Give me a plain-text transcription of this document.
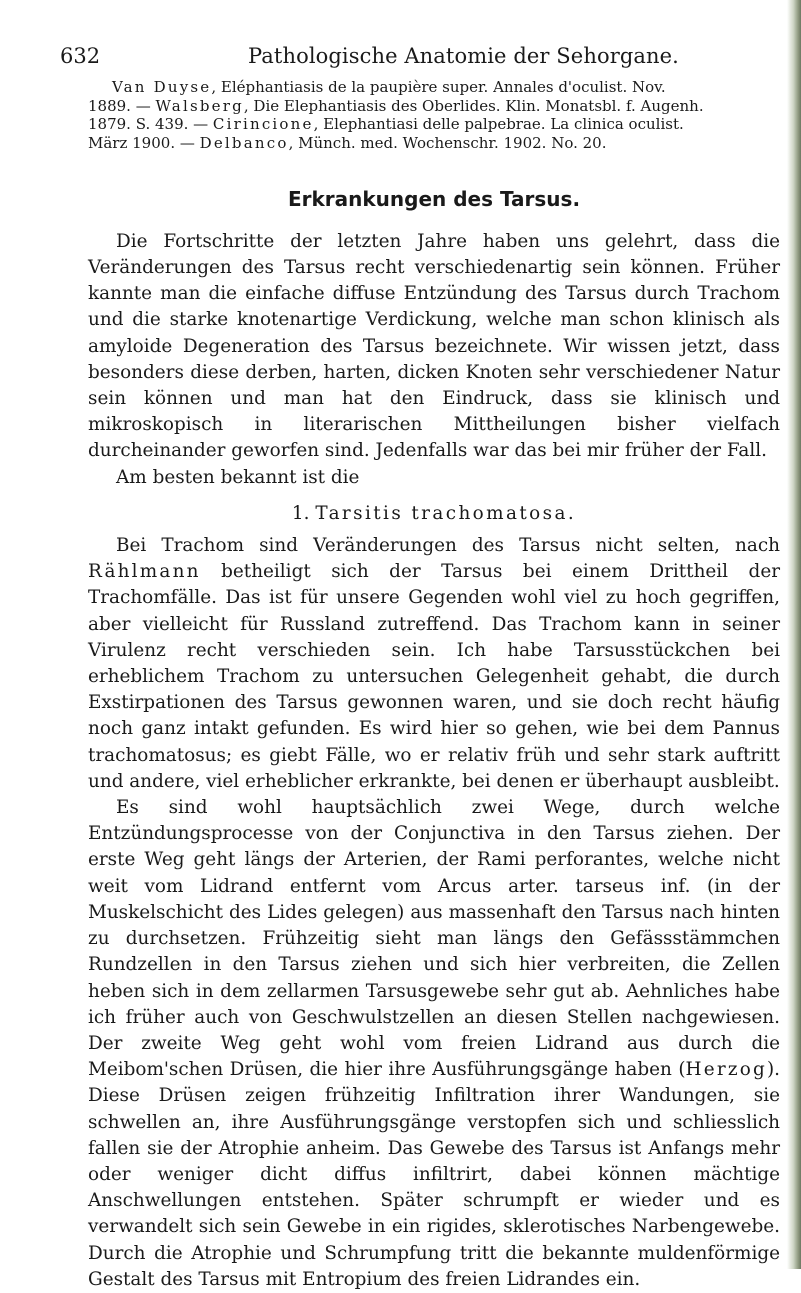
632	Pathologische Anatomie der Sehorgane.
Van Duyse, Eléphantiasis de la paupière super. Annales d'oculist. Nov.
1889. — Walsberg, Die Elephantiasis des Oberlides. Klin. Monatsbl. f. Augenh.
1879. S. 439. — Cirincione, Elephantiasi delle palpebrae. La clinica oculist.
März 1900. — Delbanco, Münch. med. Wochenschr. 1902. No. 20.
Erkrankungen des Tarsus.

Die Fortschritte der letzten Jahre haben uns gelehrt, dass die Veränderungen des Tarsus recht verschiedenartig sein können. Früher kannte man die einfache diffuse Entzündung des Tarsus durch Trachom und die starke knotenartige Verdickung, welche man schon klinisch als amyloide Degeneration des Tarsus bezeichnete. Wir wissen jetzt, dass besonders diese derben, harten, dicken Knoten sehr verschiedener Natur sein können und man hat den Eindruck, dass sie klinisch und mikroskopisch in literarischen Mittheilungen bisher vielfach durcheinander geworfen sind. Jedenfalls war das bei mir früher der Fall.

Am besten bekannt ist die

1. Tarsitis trachomatosa.

Bei Trachom sind Veränderungen des Tarsus nicht selten, nach Rählmann betheiligt sich der Tarsus bei einem Drittheil der Trachomfälle. Das ist für unsere Gegenden wohl viel zu hoch gegriffen, aber vielleicht für Russland zutreffend. Das Trachom kann in seiner Virulenz recht verschieden sein. Ich habe Tarsusstückchen bei erheblichem Trachom zu untersuchen Gelegenheit gehabt, die durch Exstirpationen des Tarsus gewonnen waren, und sie doch recht häufig noch ganz intakt gefunden. Es wird hier so gehen, wie bei dem Pannus trachomatosus; es giebt Fälle, wo er relativ früh und sehr stark auftritt und andere, viel erheblicher erkrankte, bei denen er überhaupt ausbleibt.

Es sind wohl hauptsächlich zwei Wege, durch welche Entzündungsprocesse von der Conjunctiva in den Tarsus ziehen. Der erste Weg geht längs der Arterien, der Rami perforantes, welche nicht weit vom Lidrand entfernt vom Arcus arter. tarseus inf. (in der Muskelschicht des Lides gelegen) aus massenhaft den Tarsus nach hinten zu durchsetzen. Frühzeitig sieht man längs den Gefässstämmchen Rundzellen in den Tarsus ziehen und sich hier verbreiten, die Zellen heben sich in dem zellarmen Tarsusgewebe sehr gut ab. Aehnliches habe ich früher auch von Geschwulstzellen an diesen Stellen nachgewiesen. Der zweite Weg geht wohl vom freien Lidrand aus durch die Meibom'schen Drüsen, die hier ihre Ausführungsgänge haben (Herzog). Diese Drüsen zeigen frühzeitig Infiltration ihrer Wandungen, sie schwellen an, ihre Ausführungsgänge verstopfen sich und schliesslich fallen sie der Atrophie anheim. Das Gewebe des Tarsus ist Anfangs mehr oder weniger dicht diffus infiltrirt, dabei können mächtige Anschwellungen entstehen. Später schrumpft er wieder und es verwandelt sich sein Gewebe in ein rigides, sklerotisches Narbengewebe. Durch die Atrophie und Schrumpfung tritt die bekannte muldenförmige Gestalt des Tarsus mit Entropium des freien Lidrandes ein.
